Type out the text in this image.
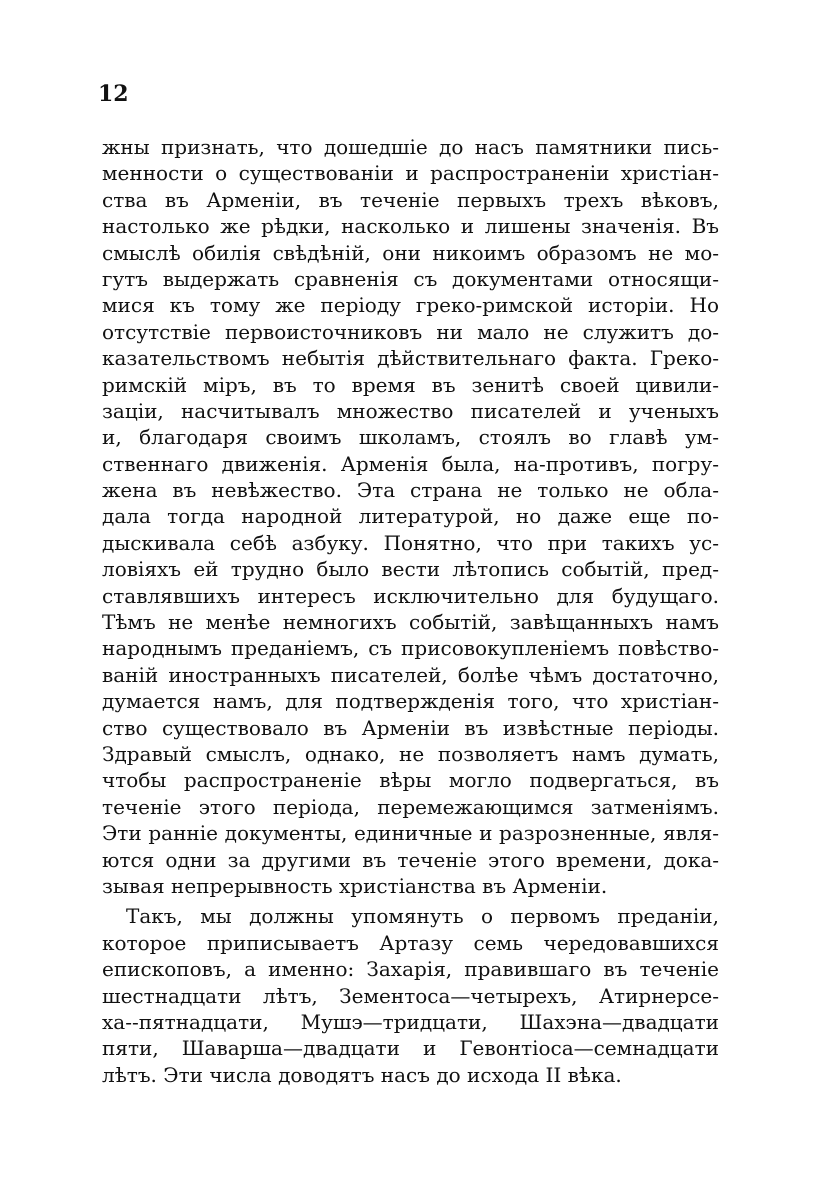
12
жны признать, что дошедшіе до насъ памятники пись-
менности о существованіи и распространеніи христіан-
ства въ Арменіи, въ теченіе первыхъ трехъ вѣковъ,
настолько же рѣдки, насколько и лишены значенія. Въ
смыслѣ обилія свѣдѣній, они никоимъ образомъ не мо-
гутъ выдержать сравненія съ документами относящи-
мися къ тому же періоду греко-римской исторіи. Но
отсутствіе первоисточниковъ ни мало не служитъ до-
казательствомъ небытія дѣйствительнаго факта. Греко-
римскій міръ, въ то время въ зенитѣ своей цивили-
заціи, насчитывалъ множество писателей и ученыхъ
и, благодаря своимъ школамъ, стоялъ во главѣ ум-
ственнаго движенія. Арменія была, на-противъ, погру-
жена въ невѣжество. Эта страна не только не обла-
дала тогда народной литературой, но даже еще по-
дыскивала себѣ азбуку. Понятно, что при такихъ ус-
ловіяхъ ей трудно было вести лѣтопись событій, пред-
ставлявшихъ интересъ исключительно для будущаго.
Тѣмъ не менѣе немногихъ событій, завѣщанныхъ намъ
народнымъ преданіемъ, съ присовокупленіемъ повѣство-
ваній иностранныхъ писателей, болѣе чѣмъ достаточно,
думается намъ, для подтвержденія того, что христіан-
ство существовало въ Арменіи въ извѣстные періоды.
Здравый смыслъ, однако, не позволяетъ намъ думать,
чтобы распространеніе вѣры могло подвергаться, въ
теченіе этого періода, перемежающимся затменіямъ.
Эти ранніе документы, единичные и разрозненные, явля-
ются одни за другими въ теченіе этого времени, дока-
зывая непрерывность христіанства въ Арменіи.
Такъ, мы должны упомянуть о первомъ преданіи,
которое приписываетъ Артазу семь чередовавшихся
епископовъ, а именно: Захарія, правившаго въ теченіе
шестнадцати лѣтъ, Зементоса—четырехъ, Атирнерсе-
ха--пятнадцати, Мушэ—тридцати, Шахэна—двадцати
пяти, Шаварша—двадцати и Гевонтіоса—семнадцати
лѣтъ. Эти числа доводятъ насъ до исхода II вѣка.
